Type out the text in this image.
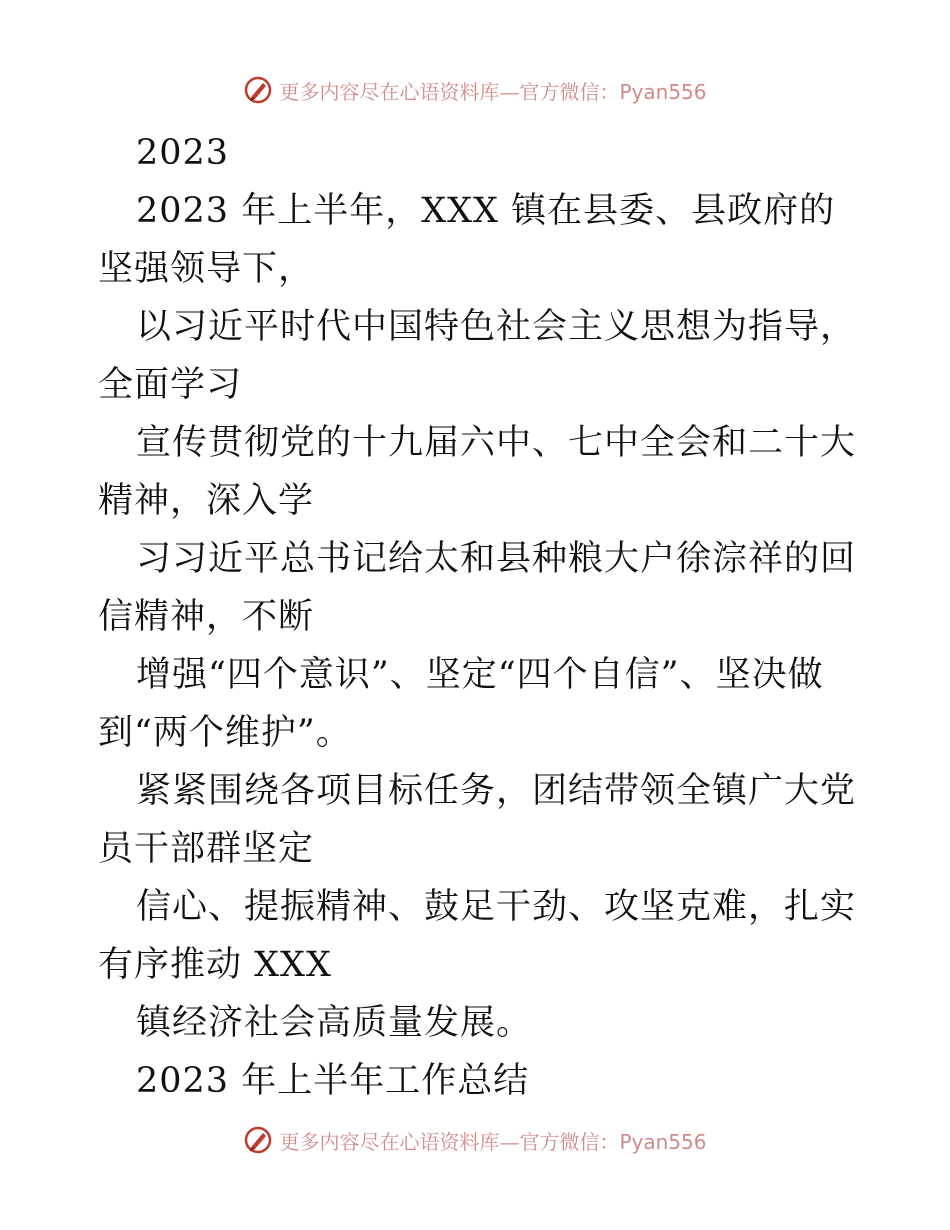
更多内容尽在心语资料库—官方微信：Pyan556

2023

2023 年上半年，XXX 镇在县委、县政府的坚强领导下，

以习近平时代中国特色社会主义思想为指导，全面学习

宣传贯彻党的十九届六中、七中全会和二十大精神，深入学

习习近平总书记给太和县种粮大户徐淙祥的回信精神，不断

增强“四个意识”、坚定“四个自信”、坚决做到“两个维护”。

紧紧围绕各项目标任务，团结带领全镇广大党员干部群坚定

信心、提振精神、鼓足干劲、攻坚克难，扎实有序推动 XXX

镇经济社会高质量发展。

2023 年上半年工作总结

更多内容尽在心语资料库—官方微信：Pyan556
